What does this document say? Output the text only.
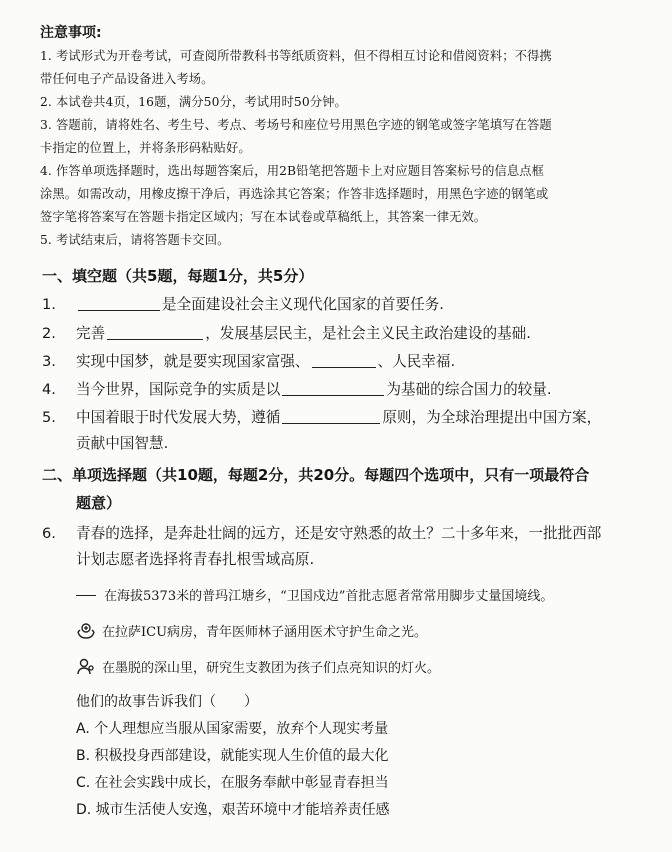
注意事项:
1. 考试形式为开卷考试，可查阅所带教科书等纸质资料，但不得相互讨论和借阅资料；不得携
带任何电子产品设备进入考场。
2. 本试卷共4页，16题，满分50分，考试用时50分钟。
3. 答题前，请将姓名、考生号、考点、考场号和座位号用黑色字迹的钢笔或签字笔填写在答题
卡指定的位置上，并将条形码粘贴好。
4. 作答单项选择题时，选出每题答案后，用2B铅笔把答题卡上对应题目答案标号的信息点框
涂黑。如需改动，用橡皮擦干净后，再选涂其它答案；作答非选择题时，用黑色字迹的钢笔或
签字笔将答案写在答题卡指定区域内；写在本试卷或草稿纸上，其答案一律无效。
5. 考试结束后，请将答题卡交回。
一、填空题（共5题，每题1分，共5分）
1.	是全面建设社会主义现代化国家的首要任务.
2. 完善	，发展基层民主，是社会主义民主政治建设的基础.
3. 实现中国梦，就是要实现国家富强、	、人民幸福.
4. 当今世界，国际竞争的实质是以	为基础的综合国力的较量.
5. 中国着眼于时代发展大势，遵循	原则，为全球治理提出中国方案，
贡献中国智慧.
二、单项选择题（共10题，每题2分，共20分。每题四个选项中，只有一项最符合
题意）
6. 青春的选择，是奔赴壮阔的远方，还是安守熟悉的故土？二十多年来，一批批西部
计划志愿者选择将青春扎根雪域高原.
在海拔5373米的普玛江塘乡，“卫国戍边”首批志愿者常常用脚步丈量国境线。
在拉萨ICU病房，青年医师林子涵用医术守护生命之光。
在墨脱的深山里，研究生支教团为孩子们点亮知识的灯火。
他们的故事告诉我们（　　）
A. 个人理想应当服从国家需要，放弃个人现实考量
B. 积极投身西部建设，就能实现人生价值的最大化
C. 在社会实践中成长，在服务奉献中彰显青春担当
D. 城市生活使人安逸，艰苦环境中才能培养责任感
